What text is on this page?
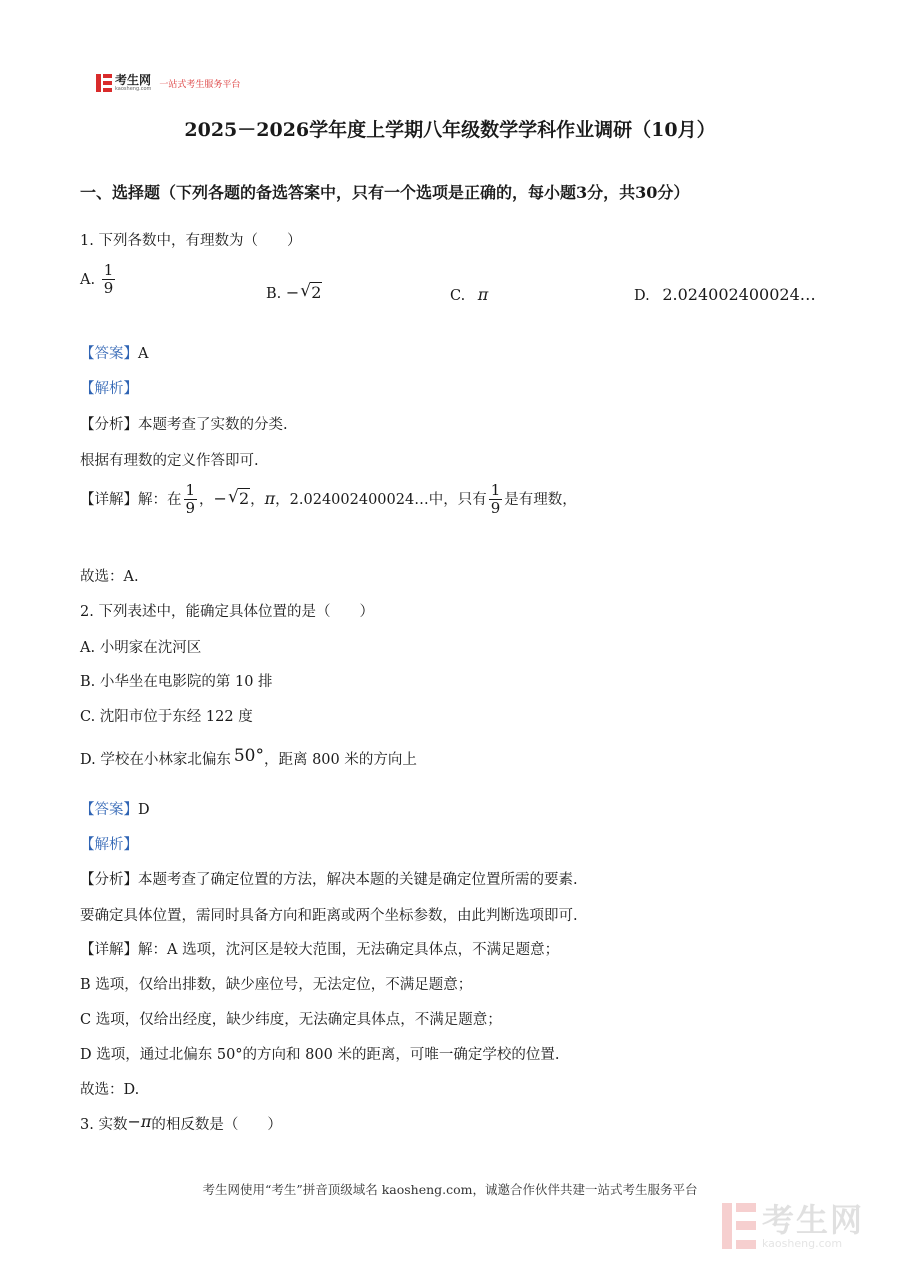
考生网
kaosheng.com 一站式考生服务平台
2025－2026学年度上学期八年级数学学科作业调研（10月）
一、选择题（下列各题的备选答案中，只有一个选项是正确的，每小题3分，共30分）
1. 下列各数中，有理数为（　　）
A. $\frac{1}{9}$	B. − √ 2	C. π	D. 2.024002400024…
【答案】A
【解析】
【分析】本题考查了实数的分类.
根据有理数的定义作答即可.
【详解】解：在 $\frac{1}{9}$ ，− √ 2，π，2.024002400024…中，只有 $\frac{1}{9}$ 是有理数，
故选：A.
2. 下列表述中，能确定具体位置的是（　　）
A. 小明家在沈河区
B. 小华坐在电影院的第 10 排
C. 沈阳市位于东经 122 度
D. 学校在小林家北偏东 50°，距离 800 米的方向上
【答案】D
【解析】
【分析】本题考查了确定位置的方法，解决本题的关键是确定位置所需的要素.
要确定具体位置，需同时具备方向和距离或两个坐标参数，由此判断选项即可.
【详解】解：A 选项，沈河区是较大范围，无法确定具体点，不满足题意；
B 选项，仅给出排数，缺少座位号，无法定位，不满足题意；
C 选项，仅给出经度，缺少纬度，无法确定具体点，不满足题意；
D 选项，通过北偏东 50°的方向和 800 米的距离，可唯一确定学校的位置.
故选：D.
3. 实数−π的相反数是（　　）
考生网使用“考生”拼音顶级域名 kaosheng.com，诚邀合作伙伴共建一站式考生服务平台
考生网
kaosheng.com
